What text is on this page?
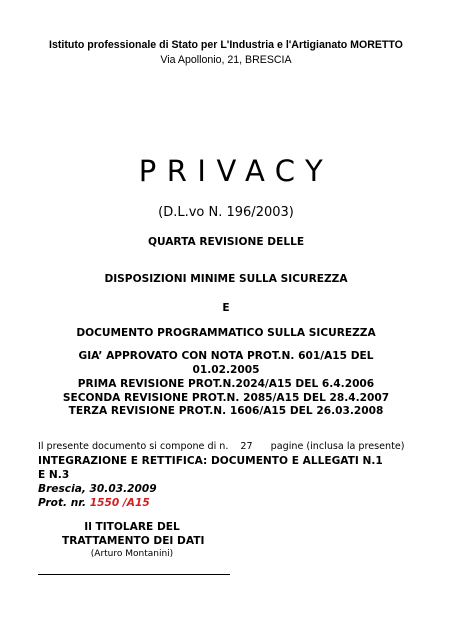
Istituto professionale di Stato per L'Industria e l'Artigianato MORETTO
Via Apollonio, 21, BRESCIA
PRIVACY
(D.L.vo N. 196/2003)
QUARTA REVISIONE DELLE
DISPOSIZIONI MINIME SULLA SICUREZZA
E
DOCUMENTO PROGRAMMATICO SULLA SICUREZZA
GIA’ APPROVATO CON NOTA PROT.N. 601/A15 DEL
01.02.2005
PRIMA REVISIONE PROT.N.2024/A15 DEL 6.4.2006
SECONDA REVISIONE PROT.N. 2085/A15 DEL 28.4.2007
TERZA REVISIONE PROT.N. 1606/A15 DEL 26.03.2008
Il presente documento si compone di n. 27 pagine (inclusa la presente)
INTEGRAZIONE E RETTIFICA: DOCUMENTO E ALLEGATI N.1
E N.3
Brescia, 30.03.2009
Prot. nr. 1550 /A15
Il TITOLARE DEL
TRATTAMENTO DEI DATI
(Arturo Montanini)
